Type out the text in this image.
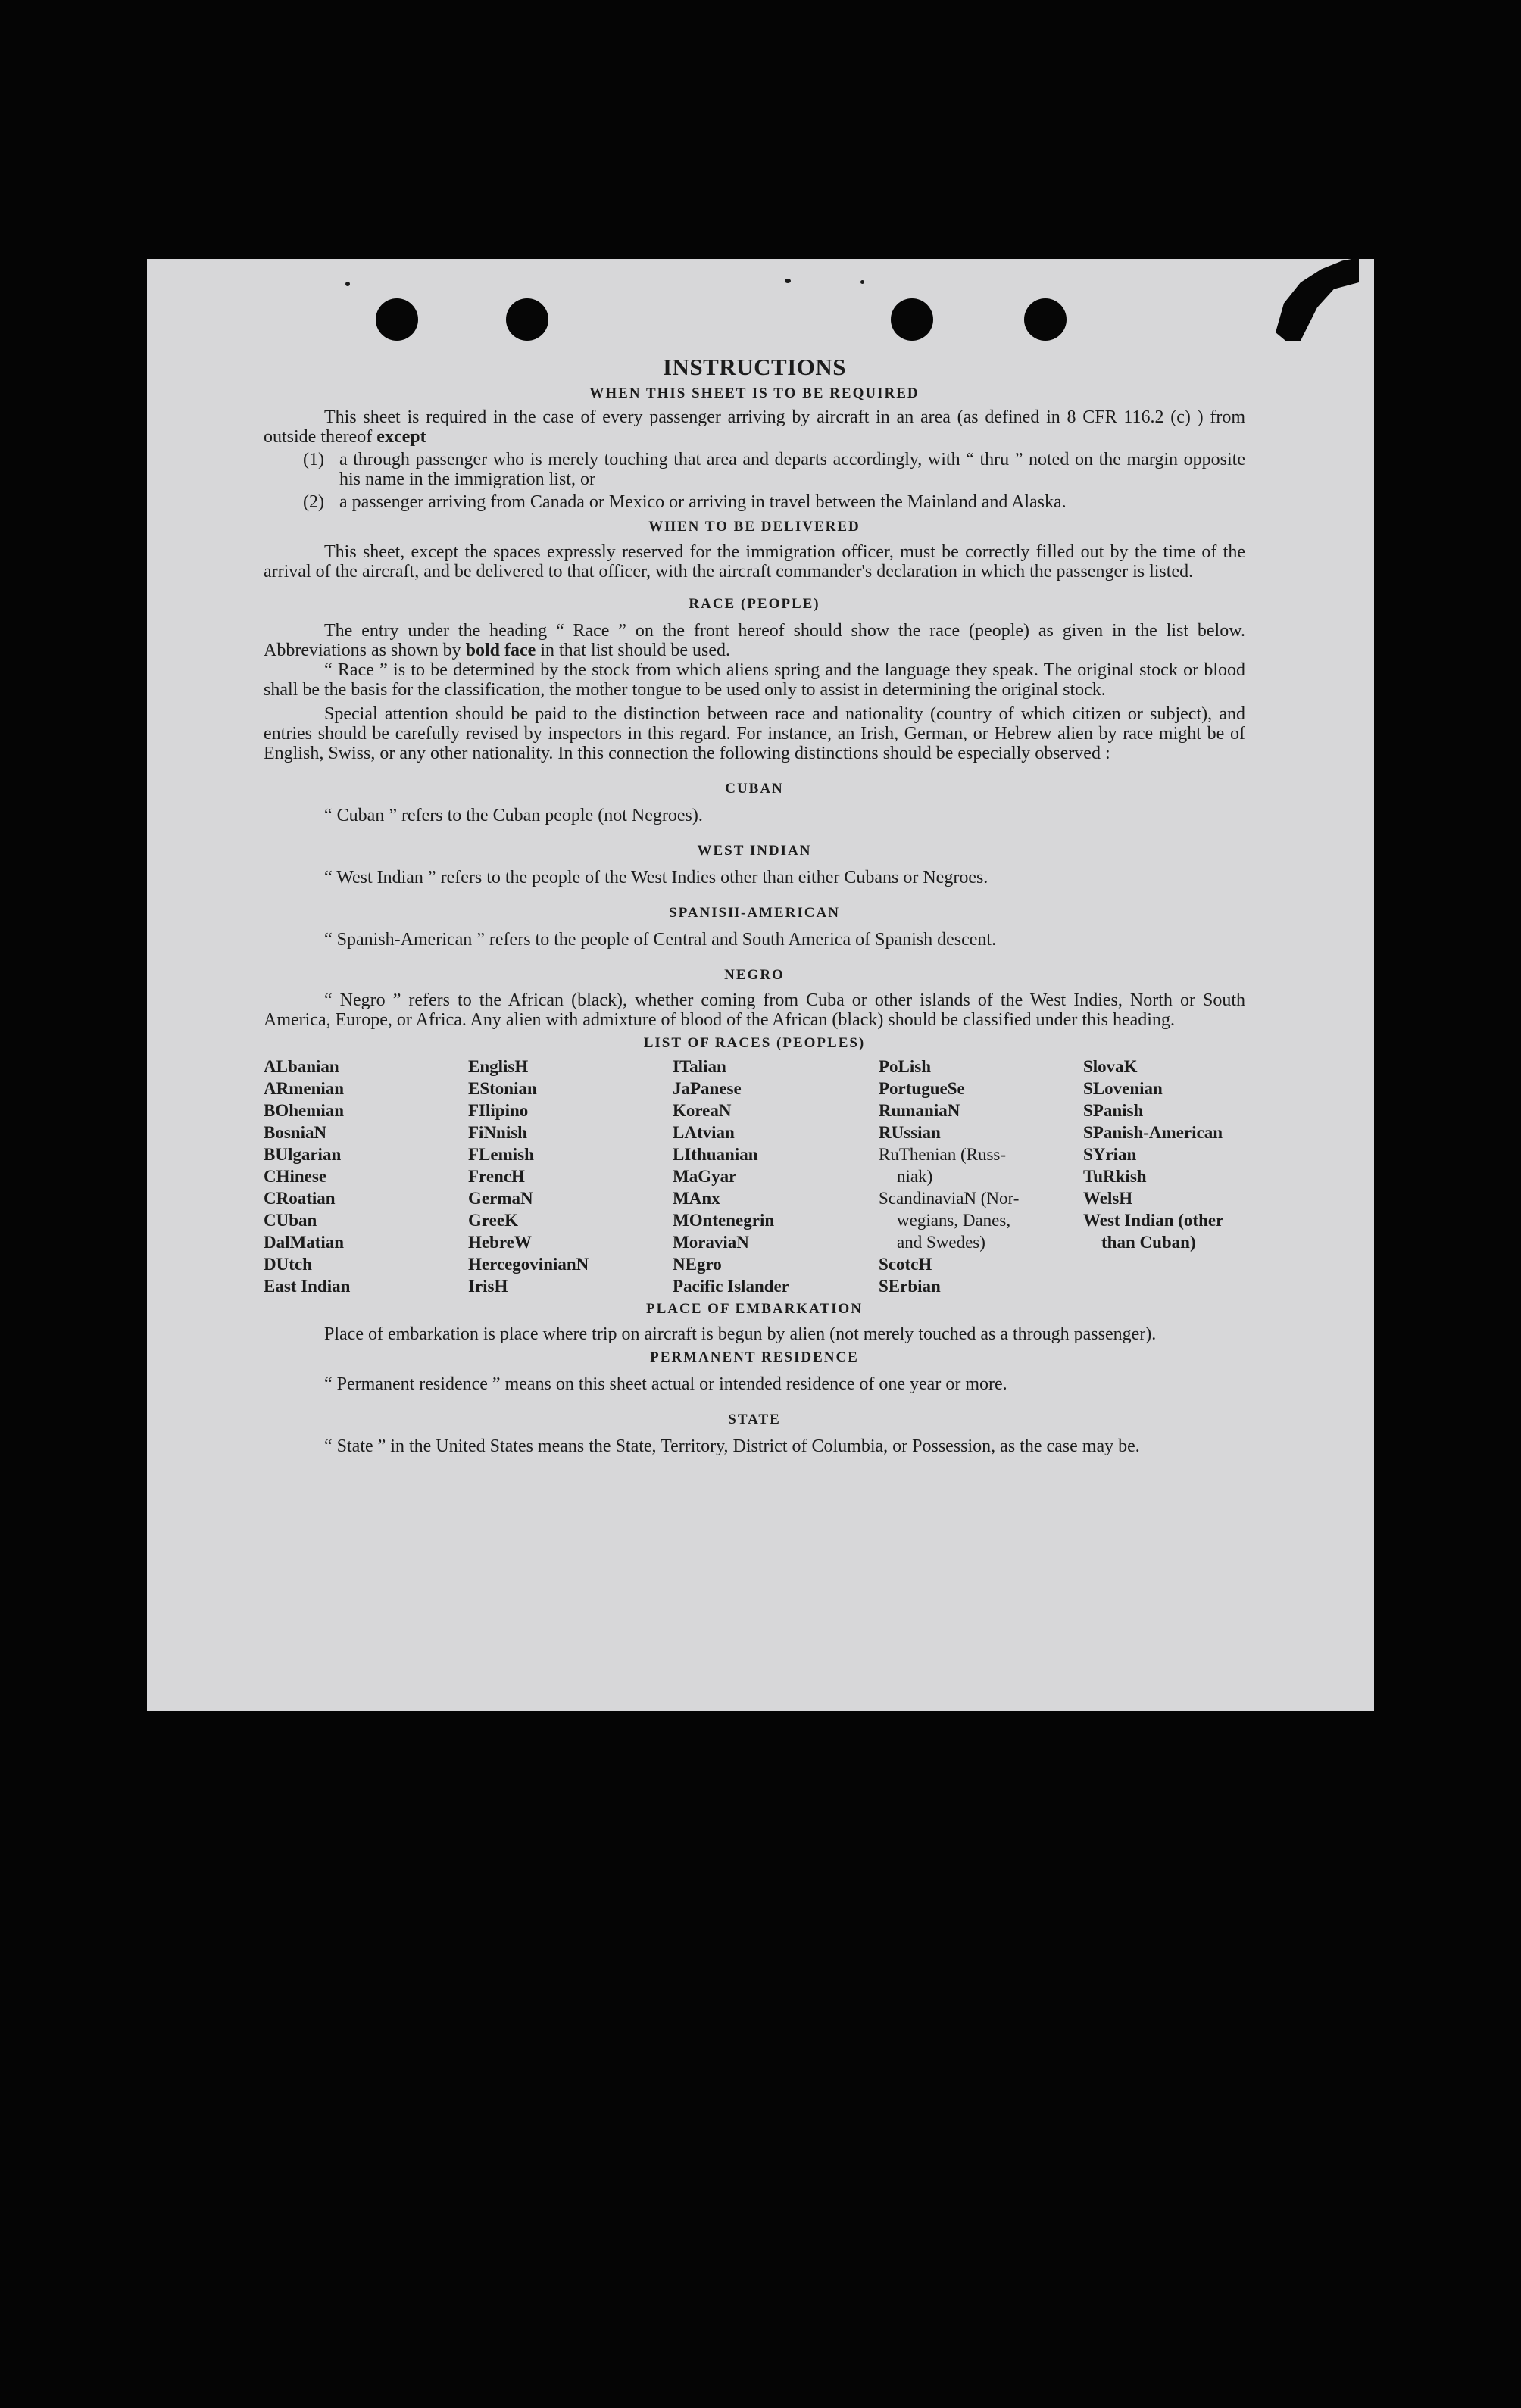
INSTRUCTIONS
WHEN THIS SHEET IS TO BE REQUIRED

This sheet is required in the case of every passenger arriving by aircraft in an area (as defined in 8 CFR 116.2 (c) ) from outside thereof except

(1) a through passenger who is merely touching that area and departs accordingly, with “ thru ” noted on the margin opposite his name in the immigration list, or
(2) a passenger arriving from Canada or Mexico or arriving in travel between the Mainland and Alaska.
WHEN TO BE DELIVERED

This sheet, except the spaces expressly reserved for the immigration officer, must be correctly filled out by the time of the arrival of the aircraft, and be delivered to that officer, with the aircraft commander's declaration in which the passenger is listed.

RACE (PEOPLE)

The entry under the heading “ Race ” on the front hereof should show the race (people) as given in the list below. Abbreviations as shown by bold face in that list should be used.

“ Race ” is to be determined by the stock from which aliens spring and the language they speak. The original stock or blood shall be the basis for the classification, the mother tongue to be used only to assist in determining the original stock.

Special attention should be paid to the distinction between race and nationality (country of which citizen or subject), and entries should be carefully revised by inspectors in this regard. For instance, an Irish, German, or Hebrew alien by race might be of English, Swiss, or any other nationality. In this connection the following distinctions should be especially observed :

CUBAN

“ Cuban ” refers to the Cuban people (not Negroes).

WEST INDIAN

“ West Indian ” refers to the people of the West Indies other than either Cubans or Negroes.

SPANISH-AMERICAN

“ Spanish-American ” refers to the people of Central and South America of Spanish descent.

NEGRO

“ Negro ” refers to the African (black), whether coming from Cuba or other islands of the West Indies, North or South America, Europe, or Africa. Any alien with admixture of blood of the African (black) should be classified under this heading.

LIST OF RACES (PEOPLES)
ALbanian
ARmenian
BOhemian
BosniaN
BUlgarian
CHinese
CRoatian
CUban
DalMatian
DUtch
East Indian
EnglisH
EStonian
FIlipino
FiNnish
FLemish
FrencH
GermaN
GreeK
HebreW
HercegovinianN
IrisH
ITalian
JaPanese
KoreaN
LAtvian
LIthuanian
MaGyar
MAnx
MOntenegrin
MoraviaN
NEgro
Pacific Islander
PoLish
PortugueSe
RumaniaN
RUssian
RuThenian (Russ-
niak)
ScandinaviaN (Nor-
wegians, Danes,
and Swedes)
ScotcH
SErbian
SlovaK
SLovenian
SPanish
SPanish-American
SYrian
TuRkish
WelsH
West Indian (other
than Cuban)
PLACE OF EMBARKATION

Place of embarkation is place where trip on aircraft is begun by alien (not merely touched as a through passenger).

PERMANENT RESIDENCE

“ Permanent residence ” means on this sheet actual or intended residence of one year or more.

STATE

“ State ” in the United States means the State, Territory, District of Columbia, or Possession, as the case may be.
